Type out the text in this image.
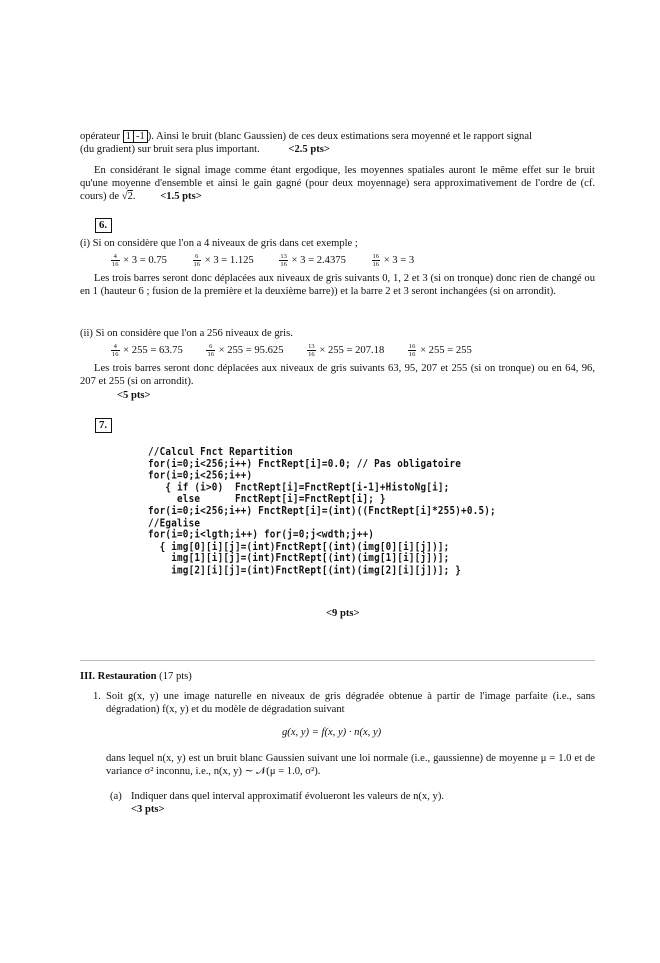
opérateur 1 -1 ). Ainsi le bruit (blanc Gaussien) de ces deux estimations sera moyenné et le rapport signal
(du gradient) sur bruit sera plus important.	<2.5 pts>
En considérant le signal image comme étant ergodique, les moyennes spatiales auront le même effet sur le bruit qu'une moyenne d'ensemble et ainsi le gain gagné (pour deux moyennage) sera approximativement de l'ordre de (cf. cours) de √2. <1.5 pts>
6.
(i) Si on considère que l'on a 4 niveaux de gris dans cet exemple ;
$\frac{4}{16} \times 3 = 0.75$	$\frac{6}{16} \times 3 = 1.125$	$\frac{13}{16} \times 3 = 2.4375$	$\frac{16}{16} \times 3 = 3$
Les trois barres seront donc déplacées aux niveaux de gris suivants 0, 1, 2 et 3 (si on tronque) donc rien de changé ou en 1 (hauteur 6 ; fusion de la première et la deuxième barre)) et la barre 2 et 3 seront inchangées (si on arrondit).
(ii) Si on considère que l'on a 256 niveaux de gris.
$\frac{4}{16} \times 255 = 63.75$	$\frac{6}{16} \times 255 = 95.625$	$\frac{13}{16} \times 255 = 207.18$	$\frac{16}{16} \times 255 = 255$
Les trois barres seront donc déplacées aux niveaux de gris suivants 63, 95, 207 et 255 (si on tronque) ou en 64, 96, 207 et 255 (si on arrondit).
<5 pts>
7.
//Calcul Fnct Repartition
for(i=0;i<256;i++) FnctRept[i]=0.0; // Pas obligatoire
for(i=0;i<256;i++)
{ if (i>0)  FnctRept[i]=FnctRept[i-1]+HistoNg[i];
else      FnctRept[i]=FnctRept[i]; }
for(i=0;i<256;i++) FnctRept[i]=(int)((FnctRept[i]*255)+0.5);
//Egalise
for(i=0;i<lgth;i++) for(j=0;j<wdth;j++)
{ img[0][i][j]=(int)FnctRept[(int)(img[0][i][j])];
img[1][i][j]=(int)FnctRept[(int)(img[1][i][j])];
img[2][i][j]=(int)FnctRept[(int)(img[2][i][j])]; }
<9 pts>
III. Restauration (17 pts)
1. Soit g(x, y) une image naturelle en niveaux de gris dégradée obtenue à partir de l'image parfaite (i.e., sans dégradation) f(x, y) et du modèle de dégradation suivant
g(x, y) = f(x, y) · n(x, y)
dans lequel n(x, y) est un bruit blanc Gaussien suivant une loi normale (i.e., gaussienne) de moyenne μ = 1.0 et de variance σ² inconnu, i.e., n(x, y) ∼ 𝒩(μ = 1.0, σ²).
(a) Indiquer dans quel interval approximatif évolueront les valeurs de n(x, y).
<3 pts>
